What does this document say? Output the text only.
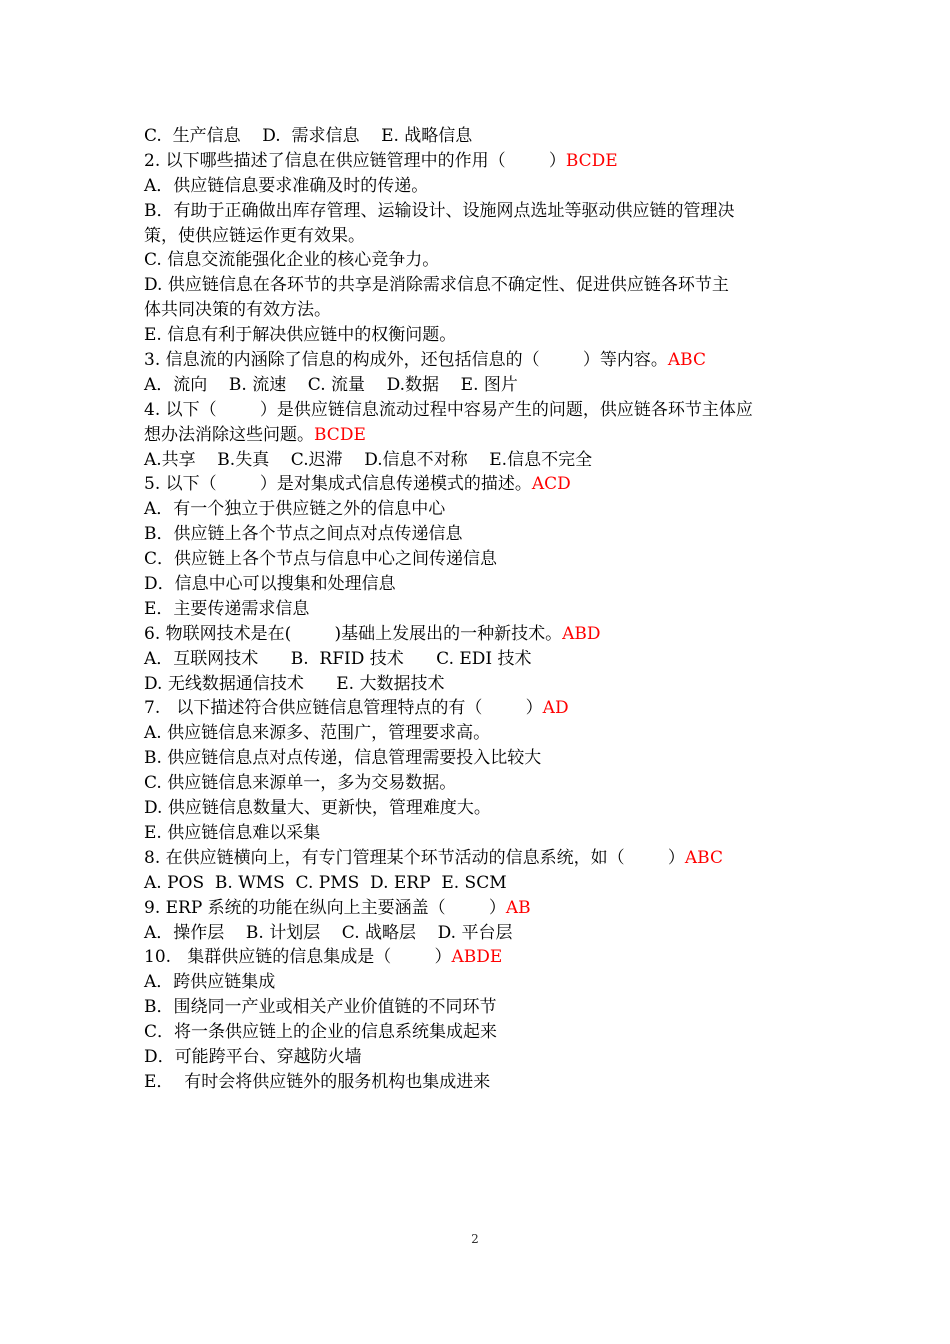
C.  生产信息    D.  需求信息    E. 战略信息
2. 以下哪些描述了信息在供应链管理中的作用（        ）BCDE
A．供应链信息要求准确及时的传递。
B．有助于正确做出库存管理、运输设计、设施网点选址等驱动供应链的管理决
策，使供应链运作更有效果。
C. 信息交流能强化企业的核心竞争力。
D. 供应链信息在各环节的共享是消除需求信息不确定性、促进供应链各环节主
体共同决策的有效方法。
E. 信息有利于解决供应链中的权衡问题。
3. 信息流的内涵除了信息的构成外，还包括信息的（        ）等内容。ABC
A．流向    B. 流速    C. 流量    D.数据    E. 图片
4. 以下（        ）是供应链信息流动过程中容易产生的问题，供应链各环节主体应
想办法消除这些问题。BCDE
A.共享    B.失真    C.迟滞    D.信息不对称    E.信息不完全
5. 以下（        ）是对集成式信息传递模式的描述。ACD
A．有一个独立于供应链之外的信息中心
B．供应链上各个节点之间点对点传递信息
C．供应链上各个节点与信息中心之间传递信息
D．信息中心可以搜集和处理信息
E．主要传递需求信息
6. 物联网技术是在(        )基础上发展出的一种新技术。ABD
A．互联网技术      B.  RFID 技术      C. EDI 技术
D. 无线数据通信技术      E. 大数据技术
7.   以下描述符合供应链信息管理特点的有（        ）AD
A. 供应链信息来源多、范围广，管理要求高。
B. 供应链信息点对点传递，信息管理需要投入比较大
C. 供应链信息来源单一，多为交易数据。
D. 供应链信息数量大、更新快，管理难度大。
E. 供应链信息难以采集
8. 在供应链横向上，有专门管理某个环节活动的信息系统，如（        ）ABC
A. POS  B. WMS  C. PMS  D. ERP  E. SCM
9. ERP 系统的功能在纵向上主要涵盖（        ）AB
A．操作层    B. 计划层    C. 战略层    D. 平台层
10.   集群供应链的信息集成是（        ）ABDE
A．跨供应链集成
B．围绕同一产业或相关产业价值链的不同环节
C．将一条供应链上的企业的信息系统集成起来
D．可能跨平台、穿越防火墙
E．  有时会将供应链外的服务机构也集成进来
2
